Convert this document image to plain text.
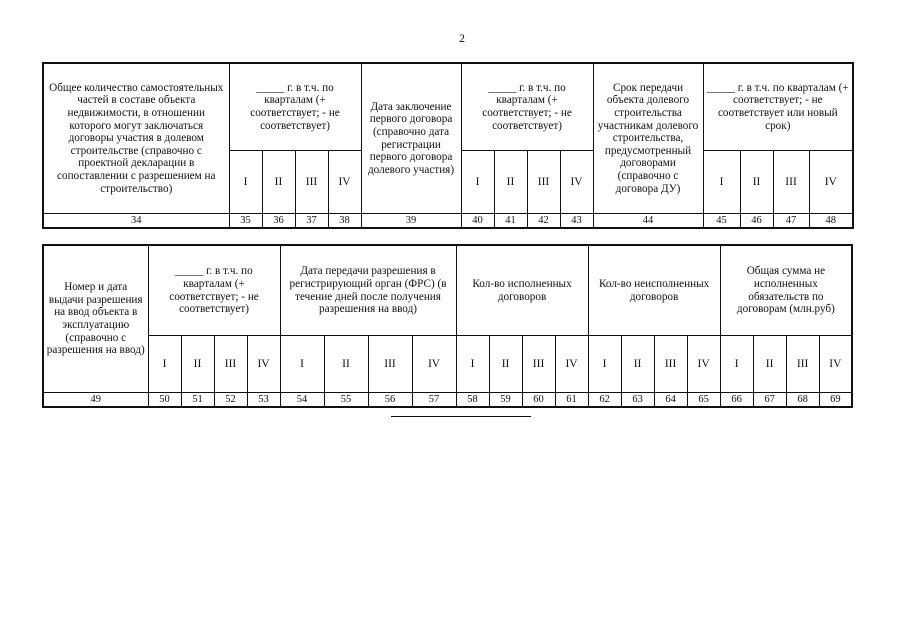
2
Общее количество самостоятельных частей в составе объекта недвижимости, в отношении которого могут заключаться договоры участия в долевом строительстве (справочно с проектной декларации в сопоставлении с разрешением на строительство)	_____ г. в т.ч. по кварталам (+ соответствует; - не соответствует)				Дата заключение первого договора (справочно дата регистрации первого договора долевого участия)	_____ г. в т.ч. по кварталам (+ соответствует; - не соответствует)				Срок передачи объекта долевого строительства участникам долевого строительства, предусмотренный договорами (справочно с договора ДУ)	_____ г. в т.ч. по кварталам (+ соответствует; - не соответствует или новый срок)			
	I	II	III	IV		I	II	III	IV		I	II	III	IV
34	35	36	37	38	39	40	41	42	43	44	45	46	47	48
Номер и дата выдачи разрешения на ввод объекта в эксплуатацию (справочно с разрешения на ввод)	_____ г. в т.ч. по кварталам (+ соответствует; - не соответствует)				Дата передачи разрешения в регистрирующий орган (ФРС) (в течение дней после получения разрешения на ввод)				Кол-во исполненных договоров				Кол-во неисполненных договоров				Общая сумма не исполненных обязательств по договорам (млн.руб)			
	I	II	III	IV	I	II	III	IV	I	II	III	IV	I	II	III	IV	I	II	III	IV
49	50	51	52	53	54	55	56	57	58	59	60	61	62	63	64	65	66	67	68	69
